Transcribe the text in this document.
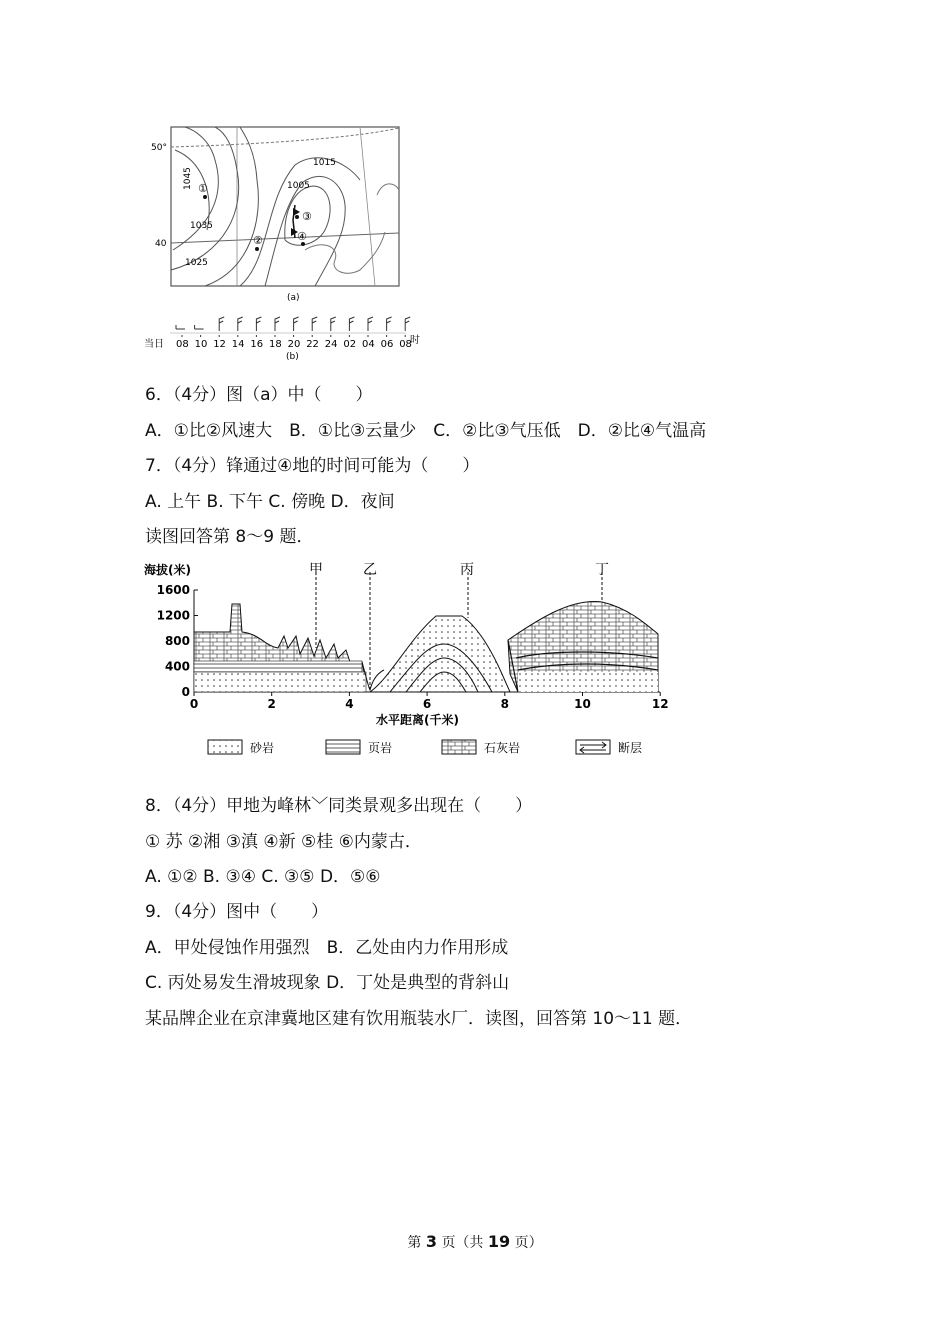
50°
40
1045
1035
1025
1015
1005
①
②
③
④
(a)
当日 08 10 12 14 16 18 20 22 24 02 04 06 08
时
(b)
6．（4分）图（a）中（　　）
A．①比②风速大　B．①比③云量少　C．②比③气压低　D．②比④气温高
7．（4分）锋通过④地的时间可能为（　　）
A. 上午 B. 下午 C. 傍晚 D．夜间
读图回答第 8～9 题．
海拔(米)
1600
1200
800
400
0
0	2	4	6	8	10	12
水平距离(千米)
甲	乙	丙	丁
砂岩	页岩	石灰岩	断层
8．（4分）甲地为峰林﹀同类景观多出现在（　　）
① 苏 ②湘 ③滇 ④新 ⑤桂 ⑥内蒙古．
A. ①② B. ③④ C. ③⑤ D．⑤⑥
9．（4分）图中（　　）
A．甲处侵蚀作用强烈　B．乙处由内力作用形成
C. 丙处易发生滑坡现象 D．丁处是典型的背斜山
某品牌企业在京津冀地区建有饮用瓶装水厂．读图，回答第 10～11 题．
第 3 页（共 19 页）
